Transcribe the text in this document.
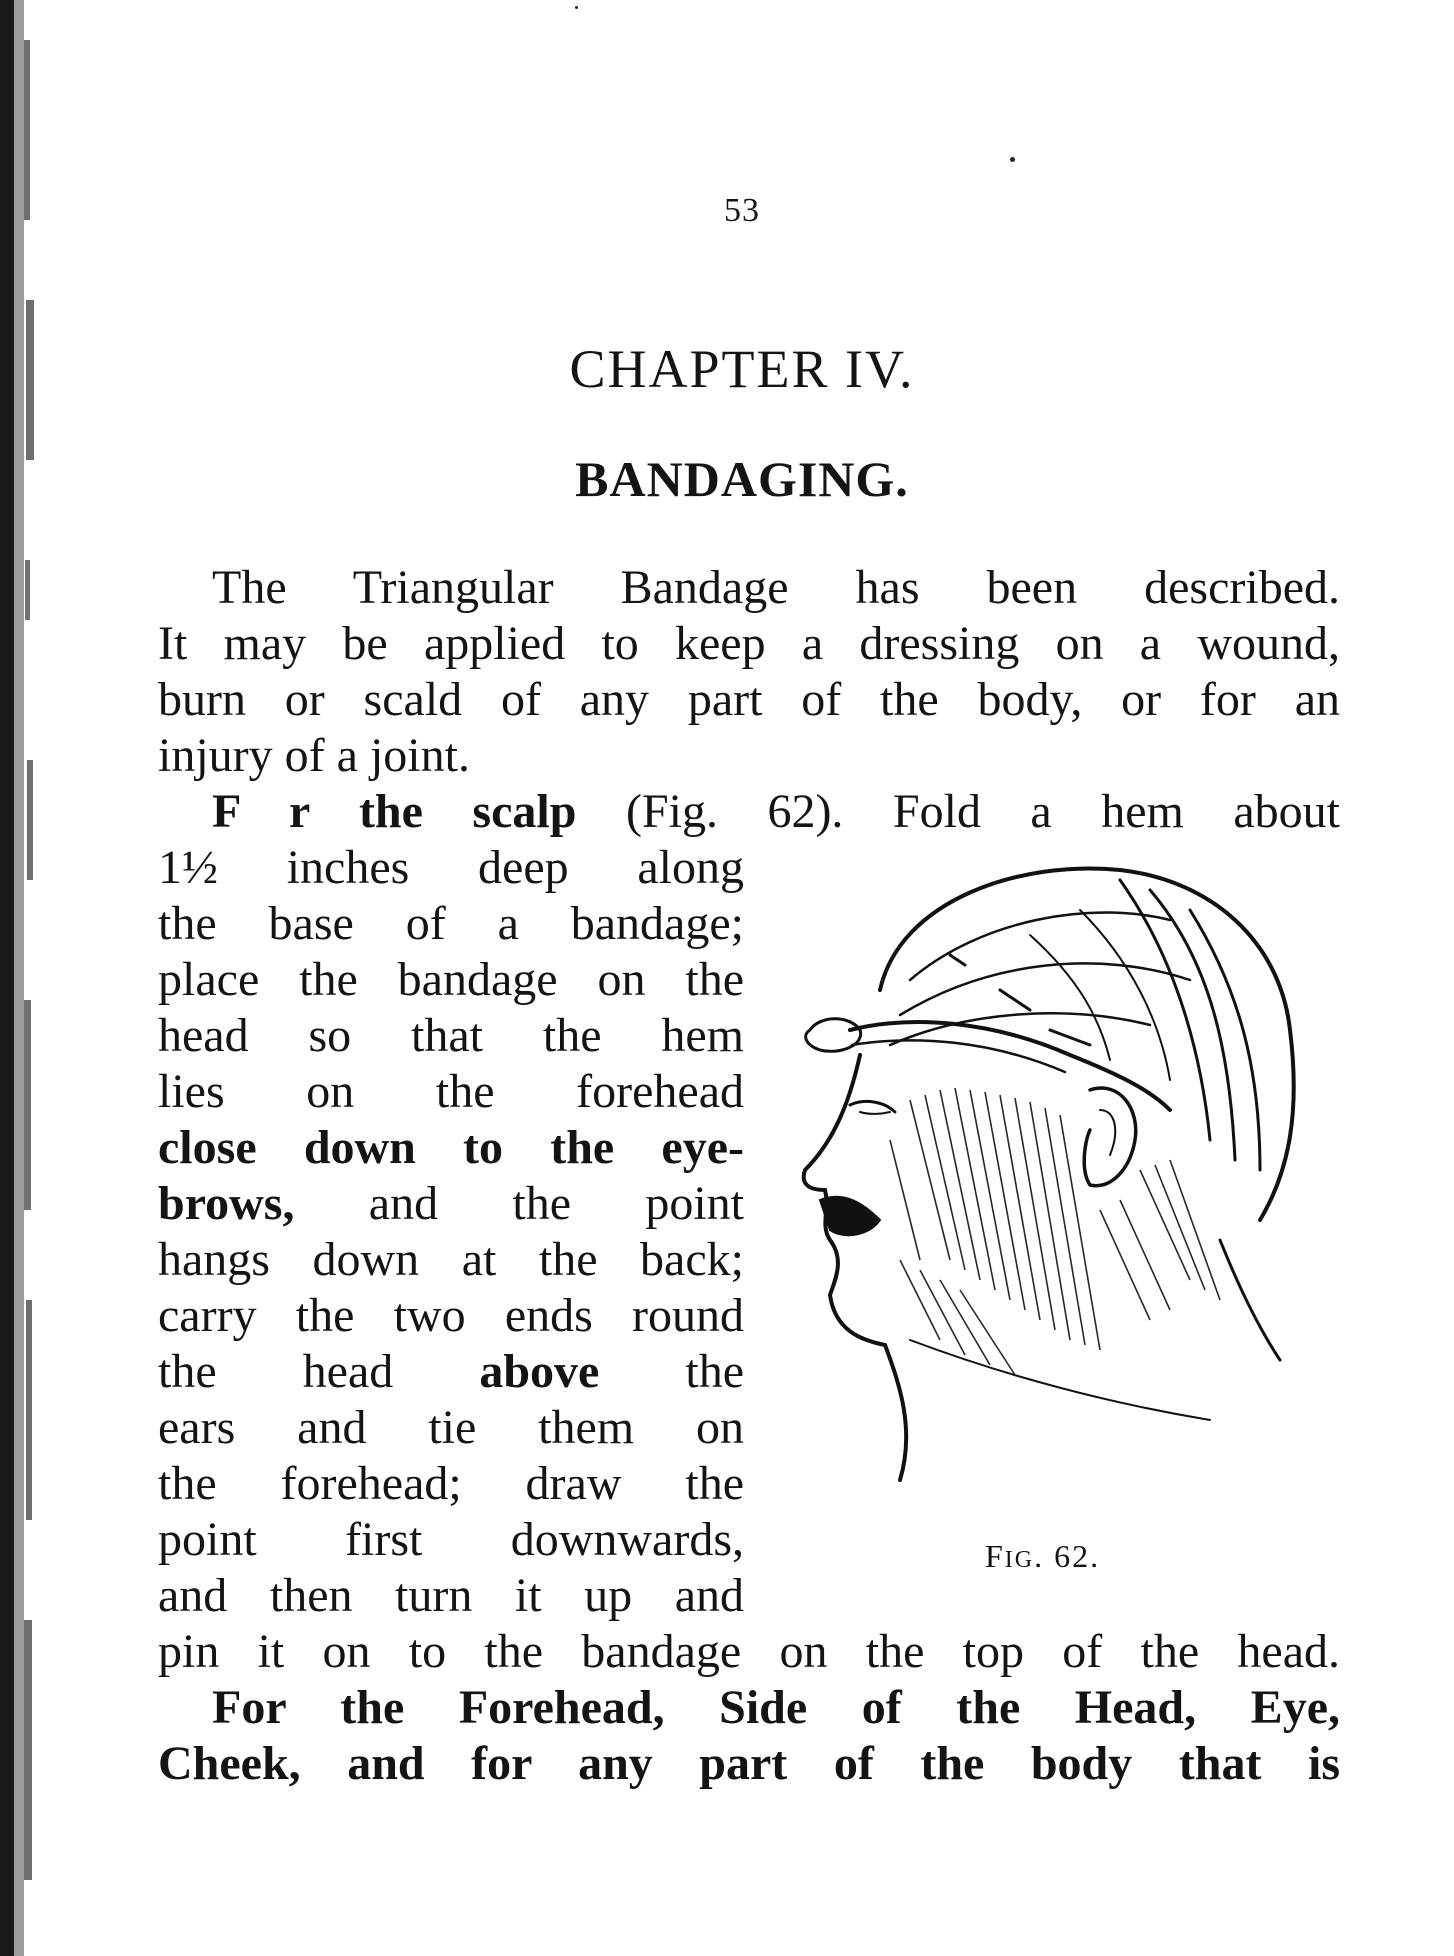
53
CHAPTER IV.
BANDAGING.
The Triangular Bandage has been described.
It may be applied to keep a dressing on a wound,
burn or scald of any part of the body, or for an
injury of a joint.
F r the scalp (Fig. 62). Fold a hem about
1½ inches deep along
the base of a bandage;
place the bandage on the
head so that the hem
lies on the forehead
close down to the eye-
brows, and the point
hangs down at the back;
carry the two ends round
the head above the
ears and tie them on
the forehead; draw the
point first downwards,
and then turn it up and
pin it on to the bandage on the top of the head.
For the Forehead, Side of the Head, Eye,
Cheek, and for any part of the body that is
FIG. 62.
